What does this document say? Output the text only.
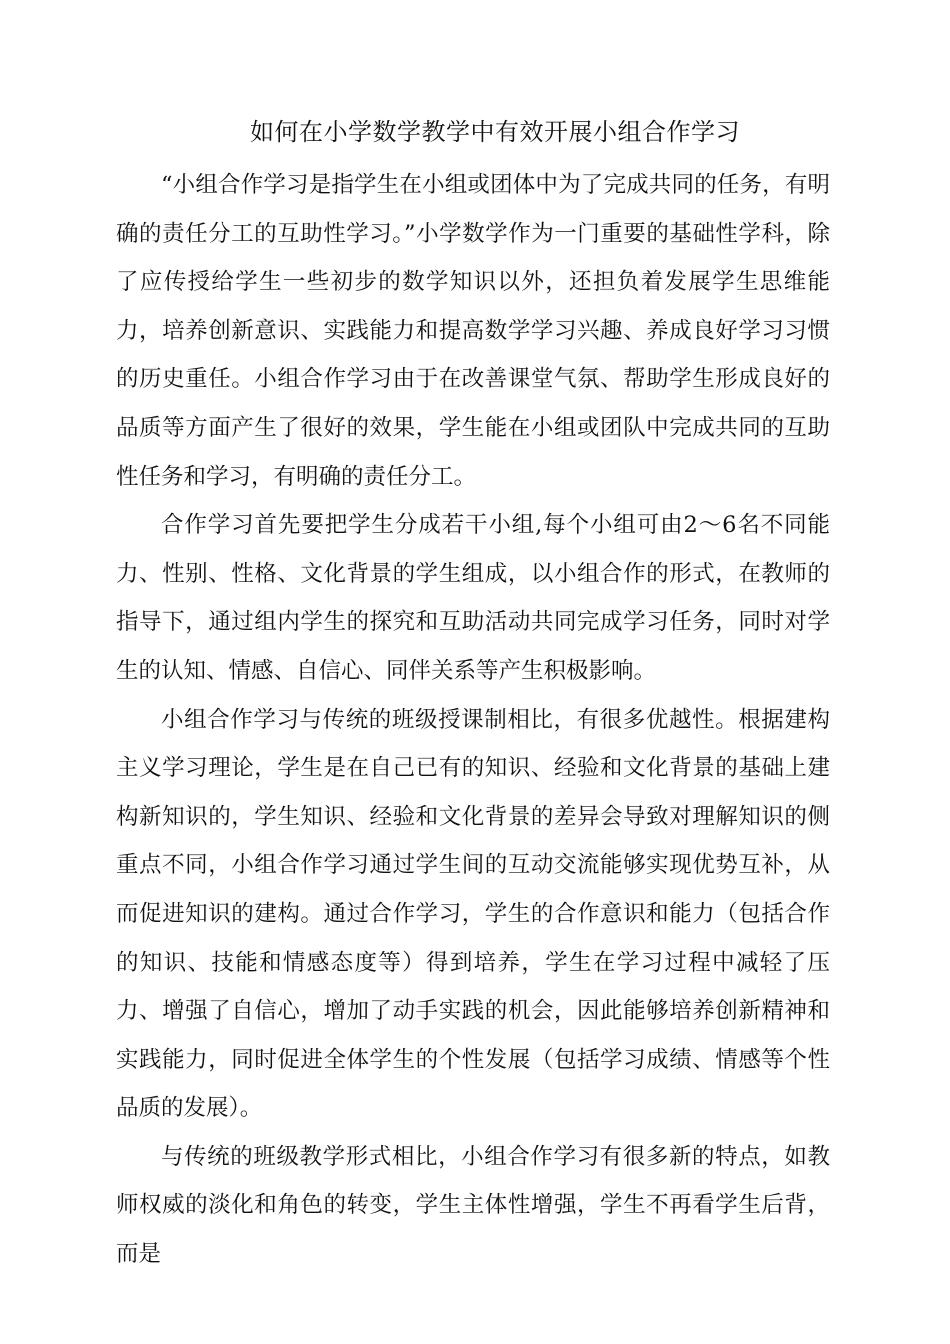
如何在小学数学教学中有效开展小组合作学习

“小组合作学习是指学生在小组或团体中为了完成共同的任务，有明确的责任分工的互助性学习。”小学数学作为一门重要的基础性学科，除了应传授给学生一些初步的数学知识以外，还担负着发展学生思维能力，培养创新意识、实践能力和提高数学学习兴趣、养成良好学习习惯的历史重任。小组合作学习由于在改善课堂气氛、帮助学生形成良好的品质等方面产生了很好的效果，学生能在小组或团队中完成共同的互助性任务和学习，有明确的责任分工。

合作学习首先要把学生分成若干小组,每个小组可由2～6名不同能力、性别、性格、文化背景的学生组成，以小组合作的形式，在教师的指导下，通过组内学生的探究和互助活动共同完成学习任务，同时对学生的认知、情感、自信心、同伴关系等产生积极影响。

小组合作学习与传统的班级授课制相比，有很多优越性。根据建构主义学习理论，学生是在自己已有的知识、经验和文化背景的基础上建构新知识的，学生知识、经验和文化背景的差异会导致对理解知识的侧重点不同，小组合作学习通过学生间的互动交流能够实现优势互补，从而促进知识的建构。通过合作学习，学生的合作意识和能力（包括合作的知识、技能和情感态度等）得到培养，学生在学习过程中减轻了压力、增强了自信心，增加了动手实践的机会，因此能够培养创新精神和实践能力，同时促进全体学生的个性发展（包括学习成绩、情感等个性品质的发展）。

与传统的班级教学形式相比，小组合作学习有很多新的特点，如教师权威的淡化和角色的转变，学生主体性增强，学生不再看学生后背，而是
